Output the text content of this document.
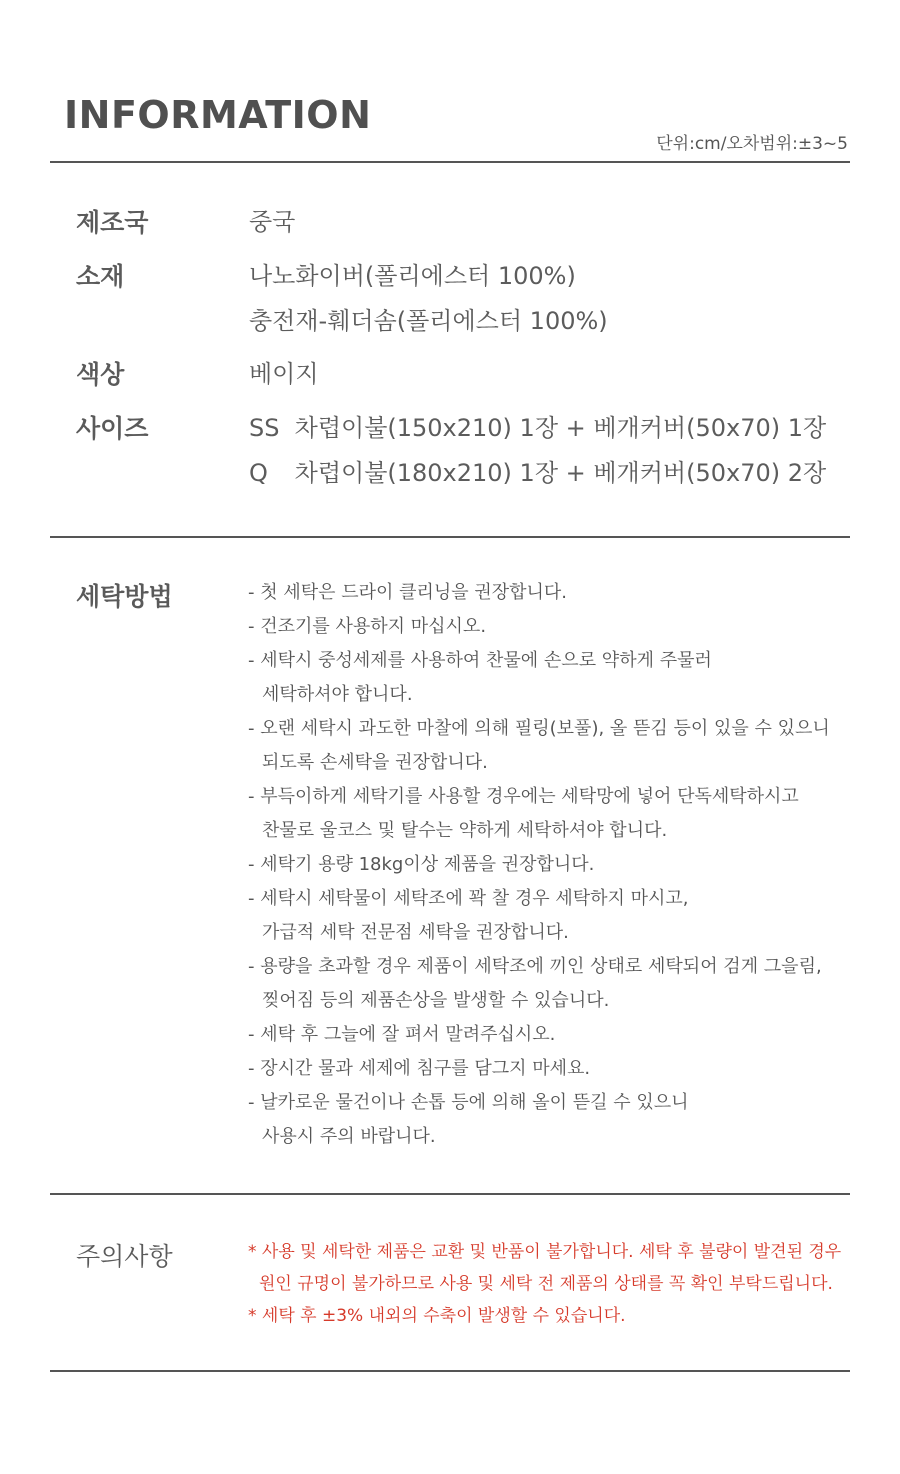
INFORMATION
단위:cm/오차범위:±3~5
제조국	중국
소재	나노화이버(폴리에스터 100%)
충전재-훼더솜(폴리에스터 100%)
색상	베이지
사이즈	SS 차렵이불(150x210) 1장 + 베개커버(50x70) 1장
Q 차렵이불(180x210) 1장 + 베개커버(50x70) 2장
세탁방법	- 첫 세탁은 드라이 클리닝을 권장합니다.
- 건조기를 사용하지 마십시오.
- 세탁시 중성세제를 사용하여 찬물에 손으로 약하게 주물러
세탁하셔야 합니다.
- 오랜 세탁시 과도한 마찰에 의해 필링(보풀), 올 뜯김 등이 있을 수 있으니
되도록 손세탁을 권장합니다.
- 부득이하게 세탁기를 사용할 경우에는 세탁망에 넣어 단독세탁하시고
찬물로 울코스 및 탈수는 약하게 세탁하셔야 합니다.
- 세탁기 용량 18kg이상 제품을 권장합니다.
- 세탁시 세탁물이 세탁조에 꽉 찰 경우 세탁하지 마시고,
가급적 세탁 전문점 세탁을 권장합니다.
- 용량을 초과할 경우 제품이 세탁조에 끼인 상태로 세탁되어 검게 그을림,
찢어짐 등의 제품손상을 발생할 수 있습니다.
- 세탁 후 그늘에 잘 펴서 말려주십시오.
- 장시간 물과 세제에 침구를 담그지 마세요.
- 날카로운 물건이나 손톱 등에 의해 올이 뜯길 수 있으니
사용시 주의 바랍니다.
주의사항	* 사용 및 세탁한 제품은 교환 및 반품이 불가합니다. 세탁 후 불량이 발견된 경우
원인 규명이 불가하므로 사용 및 세탁 전 제품의 상태를 꼭 확인 부탁드립니다.
* 세탁 후 ±3% 내외의 수축이 발생할 수 있습니다.
